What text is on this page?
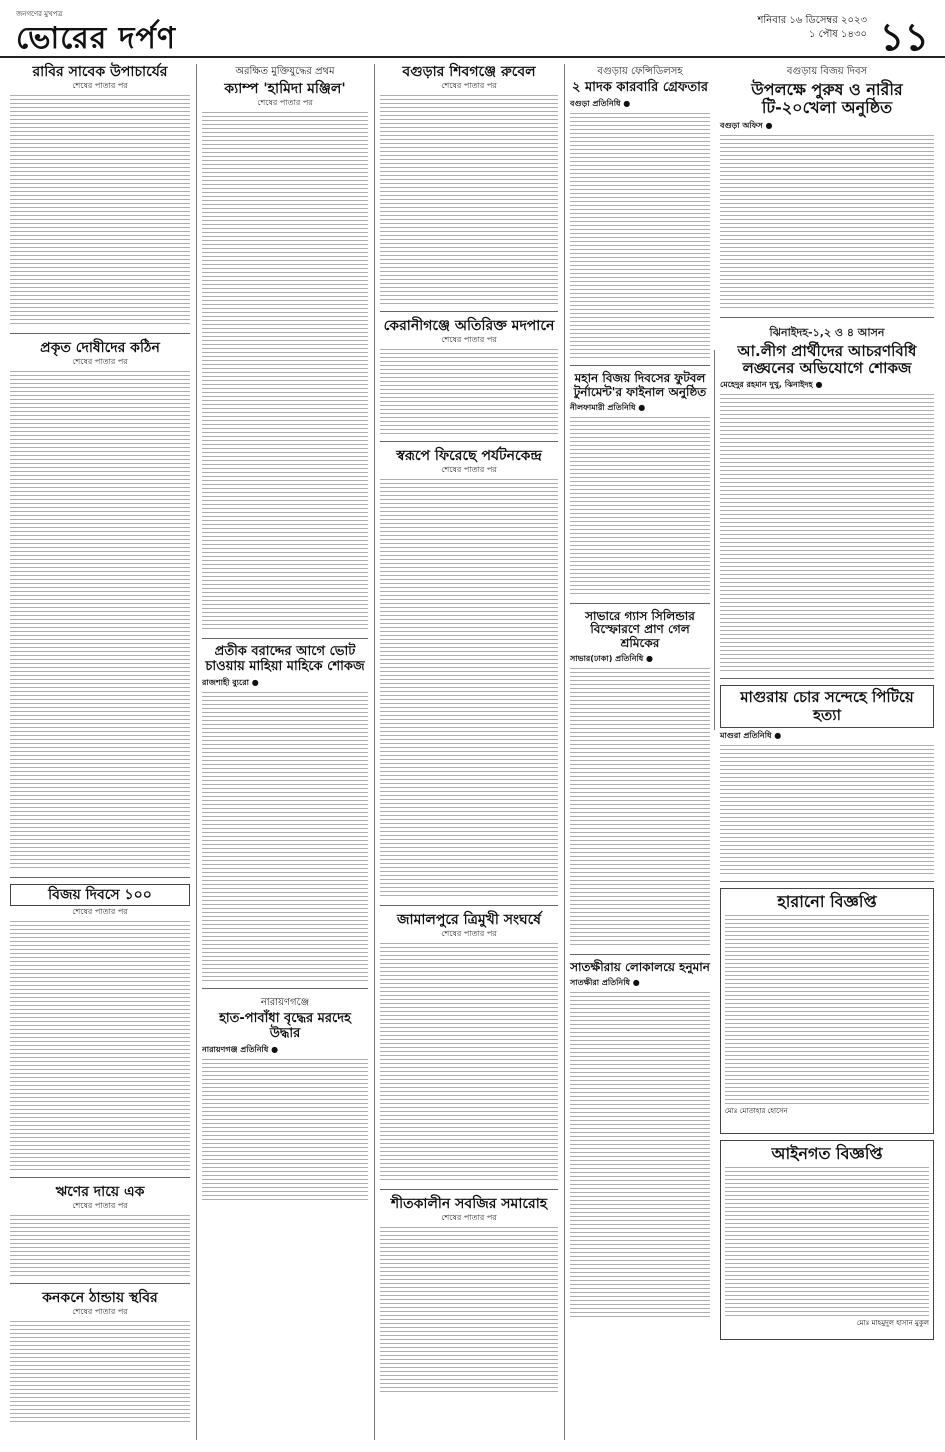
জনগণের মুখপত্র
ভোরের দর্পণ
শনিবার ১৬ ডিসেম্বর ২০২৩
১ পৌষ ১৪৩০ ১১
রাবির সাবেক উপাচার্যের
শেষের পাতার পর
প্রকৃত দোষীদের কঠিন
শেষের পাতার পর
বিজয় দিবসে ১০০
শেষের পাতার পর
ঋণের দায়ে এক
শেষের পাতার পর
কনকনে ঠান্ডায় স্থবির
শেষের পাতার পর
অরক্ষিত মুক্তিযুদ্ধের প্রথম
ক্যাম্প 'হামিদা মঞ্জিল'
শেষের পাতার পর
প্রতীক বরাদ্দের আগে ভোট চাওয়ায় মাহিয়া মাহিকে শোকজ
রাজশাহী ব্যুরো ●
নারায়ণগঞ্জে
হাত-পাবাঁধা বৃদ্ধের মরদেহ উদ্ধার
নারায়ণগঞ্জ প্রতিনিধি ●
বগুড়ার শিবগঞ্জে রুবেল
শেষের পাতার পর
কেরানীগঞ্জে অতিরিক্ত মদপানে
শেষের পাতার পর
স্বরূপে ফিরেছে পর্যটনকেন্দ্র
শেষের পাতার পর
জামালপুরে ত্রিমুখী সংঘর্ষে
শেষের পাতার পর
শীতকালীন সবজির সমারোহ
শেষের পাতার পর
বগুড়ায় ফেন্সিডিলসহ
২ মাদক কারবারি গ্রেফতার
বগুড়া প্রতিনিধি ●
মহান বিজয় দিবসের ফুটবল টুর্নামেন্ট'র ফাইনাল অনুষ্ঠিত
নীলফামারী প্রতিনিধি ●
সাভারে গ্যাস সিলিন্ডার বিস্ফোরণে প্রাণ গেল শ্রমিকের
সাভার(ঢাকা) প্রতিনিধি ●
সাতক্ষীরায় লোকালয়ে হনুমান
সাতক্ষীরা প্রতিনিধি ●
বগুড়ায় বিজয় দিবস
উপলক্ষে পুরুষ ও নারীর টি-২০খেলা অনুষ্ঠিত
বগুড়া অফিস ●
ঝিনাইদহ-১,২ ও ৪ আসন
আ.লীগ প্রার্থীদের আচরণবিধি লঙ্ঘনের অভিযোগে শোকজ
মেহেদুর রহমান দুখু, ঝিনাইদহ ●
মাগুরায় চোর সন্দেহে পিটিয়ে হত্যা
মাগুরা প্রতিনিধি ●
হারানো বিজ্ঞপ্তি
মোঃ মোতাহার হোসেন
আইনগত বিজ্ঞপ্তি
মোঃ মাহমুদুল হাসান মুকুল
